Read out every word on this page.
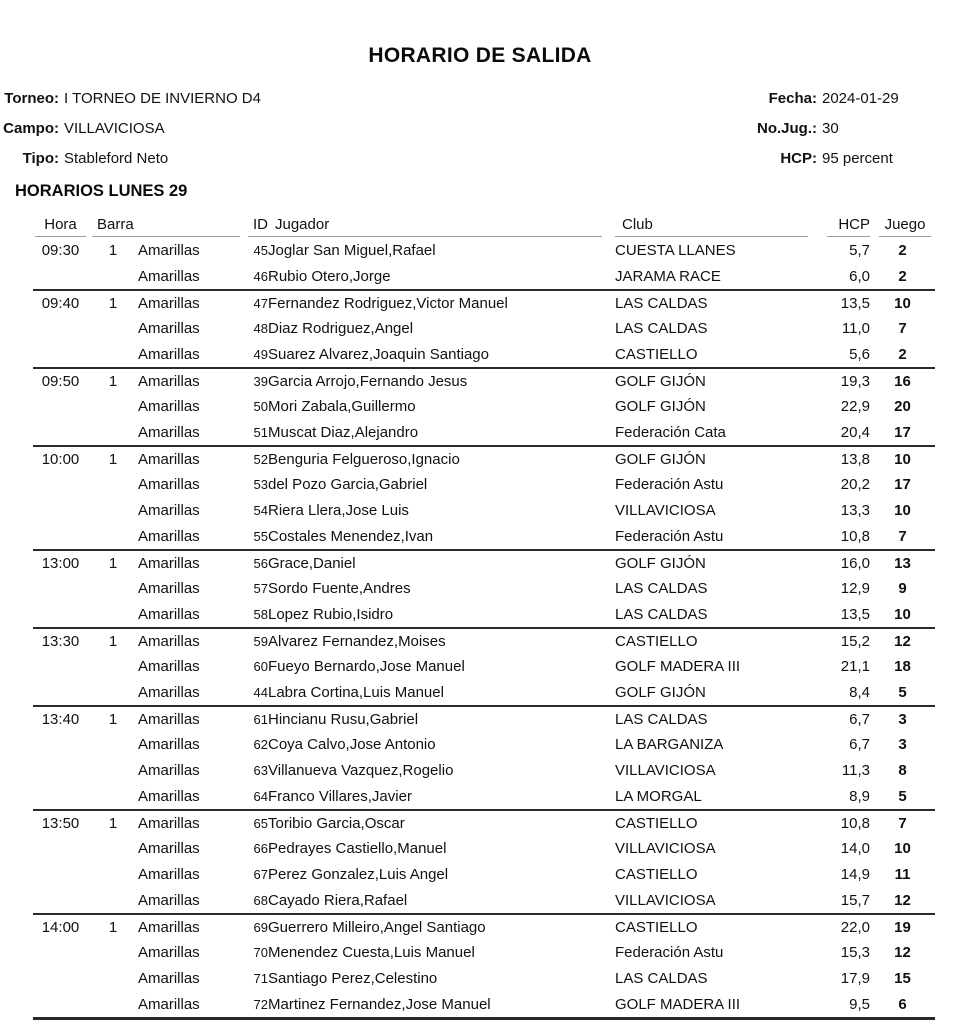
HORARIO DE SALIDA
Torneo: I TORNEO DE INVIERNO D4	Fecha: 2024-01-29
Campo: VILLAVICIOSA	No.Jug.: 30
Tipo: Stableford Neto	HCP: 95 percent
HORARIOS LUNES 29
Hora	Barra		ID	Jugador	Club	HCP	Juego

09:30	1	Amarillas	45	Joglar San Miguel,Rafael	CUESTA LLANES	5,7	2
		Amarillas	46	Rubio Otero,Jorge	JARAMA RACE	6,0	2
09:40	1	Amarillas	47	Fernandez Rodriguez,Victor Manuel	LAS CALDAS	13,5	10
		Amarillas	48	Diaz Rodriguez,Angel	LAS CALDAS	11,0	7
		Amarillas	49	Suarez Alvarez,Joaquin Santiago	CASTIELLO	5,6	2
09:50	1	Amarillas	39	Garcia Arrojo,Fernando Jesus	GOLF GIJÓN	19,3	16
		Amarillas	50	Mori Zabala,Guillermo	GOLF GIJÓN	22,9	20
		Amarillas	51	Muscat Diaz,Alejandro	Federación Cata	20,4	17
10:00	1	Amarillas	52	Benguria Felgueroso,Ignacio	GOLF GIJÓN	13,8	10
		Amarillas	53	del Pozo Garcia,Gabriel	Federación Astu	20,2	17
		Amarillas	54	Riera Llera,Jose Luis	VILLAVICIOSA	13,3	10
		Amarillas	55	Costales Menendez,Ivan	Federación Astu	10,8	7
13:00	1	Amarillas	56	Grace,Daniel	GOLF GIJÓN	16,0	13
		Amarillas	57	Sordo Fuente,Andres	LAS CALDAS	12,9	9
		Amarillas	58	Lopez Rubio,Isidro	LAS CALDAS	13,5	10
13:30	1	Amarillas	59	Alvarez Fernandez,Moises	CASTIELLO	15,2	12
		Amarillas	60	Fueyo Bernardo,Jose Manuel	GOLF MADERA III	21,1	18
		Amarillas	44	Labra Cortina,Luis Manuel	GOLF GIJÓN	8,4	5
13:40	1	Amarillas	61	Hincianu Rusu,Gabriel	LAS CALDAS	6,7	3
		Amarillas	62	Coya Calvo,Jose Antonio	LA BARGANIZA	6,7	3
		Amarillas	63	Villanueva Vazquez,Rogelio	VILLAVICIOSA	11,3	8
		Amarillas	64	Franco Villares,Javier	LA MORGAL	8,9	5
13:50	1	Amarillas	65	Toribio Garcia,Oscar	CASTIELLO	10,8	7
		Amarillas	66	Pedrayes Castiello,Manuel	VILLAVICIOSA	14,0	10
		Amarillas	67	Perez Gonzalez,Luis Angel	CASTIELLO	14,9	11
		Amarillas	68	Cayado Riera,Rafael	VILLAVICIOSA	15,7	12
14:00	1	Amarillas	69	Guerrero Milleiro,Angel Santiago	CASTIELLO	22,0	19
		Amarillas	70	Menendez Cuesta,Luis Manuel	Federación Astu	15,3	12
		Amarillas	71	Santiago Perez,Celestino	LAS CALDAS	17,9	15
		Amarillas	72	Martinez Fernandez,Jose Manuel	GOLF MADERA III	9,5	6
